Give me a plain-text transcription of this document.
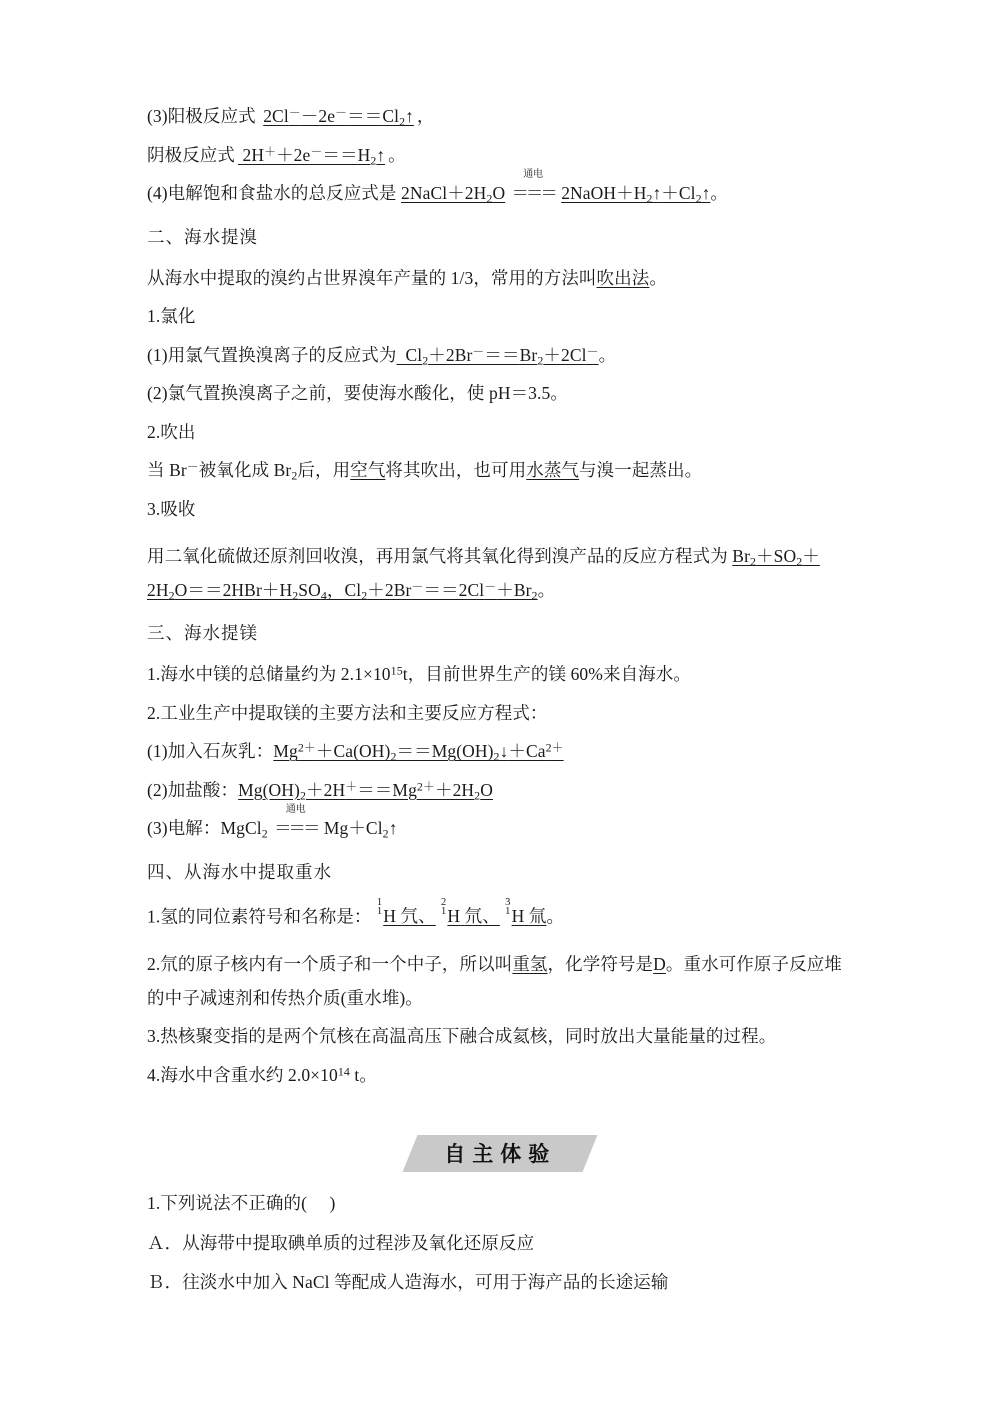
(3)阳极反应式 $2Cl^--2e^-==Cl_2↑$ ，
阴极反应式 $2H^++2e^-==H_2↑$ 。
(4)电解饱和食盐水的总反应式是 $2NaCl+2H_2O$
通电
＝＝＝ $2NaOH+H_2↑+Cl_2↑$。
二、海水提溴
从海水中提取的溴约占世界溴年产量的 1/3，常用的方法叫吹出法。
1.氯化
(1)用氯气置换溴离子的反应式为 $Cl_2+2Br^-==Br_2+2Cl^-$。
(2)氯气置换溴离子之前，要使海水酸化，使 pH＝3.5。
2.吹出
当 Br－被氧化成 $Br_2$后，用空气将其吹出，也可用水蒸气与溴一起蒸出。
3.吸收
用二氧化硫做还原剂回收溴，再用氯气将其氧化得到溴产品的反应方程式为 $Br_2+SO_2+2H_2O==2HBr+H_2SO_4$，$Cl_2+2Br^-==2Cl^-+Br_2$。
三、海水提镁
1.海水中镁的总储量约为 $2.1\times 10^{15}t$，目前世界生产的镁 60%来自海水。
2.工业生产中提取镁的主要方法和主要反应方程式：
(1)加入石灰乳：$Mg^{2+}+Ca(OH)_2==Mg(OH)_2↓+Ca^{2+}$
(2)加盐酸：$Mg(OH)_2+2H^+==Mg^{2+}+2H_2O$
(3)电解：MgCl$_2$
通电
＝＝＝ $Mg+Cl_2↑$
四、从海水中提取重水
1.氢的同位素符号和名称是：
1
1 H 氕、
2
1 H 氘、
3
1 H 氚。
2.氘的原子核内有一个质子和一个中子，所以叫重氢，化学符号是D。重水可作原子反应堆的中子减速剂和传热介质(重水堆)。
3.热核聚变指的是两个氘核在高温高压下融合成氦核，同时放出大量能量的过程。
4.海水中含重水约 $2.0\times 10^{14}$ t。
自主体验
1.下列说法不正确的( )
Ａ．从海带中提取碘单质的过程涉及氧化还原反应
Ｂ．往淡水中加入 NaCl 等配成人造海水，可用于海产品的长途运输
